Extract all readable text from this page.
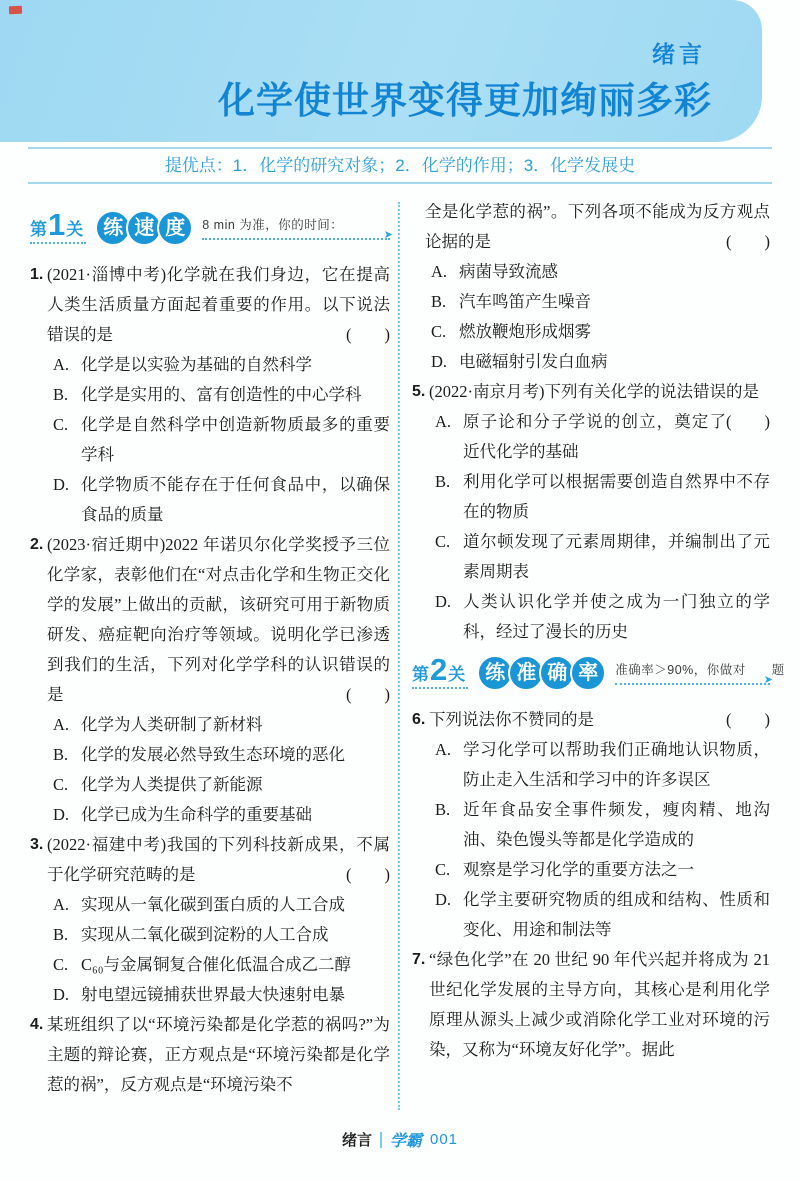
绪言
化学使世界变得更加绚丽多彩
提优点：1．化学的研究对象；2．化学的作用；3．化学发展史
第 1 关	练 速 度	8 min 为准，你的时间：
➤
1. (2021·淄博中考)化学就在我们身边，它在提高人类生活质量方面起着重要的作用。以下说法错误的是	(　　)
A. 化学是以实验为基础的自然科学
B. 化学是实用的、富有创造性的中心学科
C. 化学是自然科学中创造新物质最多的重要学科
D. 化学物质不能存在于任何食品中，以确保食品的质量
2. (2023·宿迁期中)2022 年诺贝尔化学奖授予三位化学家，表彰他们在“对点击化学和生物正交化学的发展”上做出的贡献，该研究可用于新物质研发、癌症靶向治疗等领域。说明化学已渗透到我们的生活，下列对化学学科的认识错误的是	(　　)
A. 化学为人类研制了新材料
B. 化学的发展必然导致生态环境的恶化
C. 化学为人类提供了新能源
D. 化学已成为生命科学的重要基础
3. (2022·福建中考)我国的下列科技新成果，不属于化学研究范畴的是	(　　)
A. 实现从一氧化碳到蛋白质的人工合成
B. 实现从二氧化碳到淀粉的人工合成
C. C₆₀与金属铜复合催化低温合成乙二醇
D. 射电望远镜捕获世界最大快速射电暴
4. 某班组织了以“环境污染都是化学惹的祸吗?”为主题的辩论赛，正方观点是“环境污染都是化学惹的祸”，反方观点是“环境污染不
全是化学惹的祸”。下列各项不能成为反方观点论据的是	(　　)
A. 病菌导致流感
B. 汽车鸣笛产生噪音
C. 燃放鞭炮形成烟雾
D. 电磁辐射引发白血病
5. (2022·南京月考)下列有关化学的说法错误的是
(　　)
A. 原子论和分子学说的创立，奠定了近代化学的基础
B. 利用化学可以根据需要创造自然界中不存在的物质
C. 道尔顿发现了元素周期律，并编制出了元素周期表
D. 人类认识化学并使之成为一门独立的学科，经过了漫长的历史
第 2 关	练 准 确 率	准确率＞90%，你做对　　题
➤
6. 下列说法你不赞同的是	(　　)
A. 学习化学可以帮助我们正确地认识物质，防止走入生活和学习中的许多误区
B. 近年食品安全事件频发，瘦肉精、地沟油、染色馒头等都是化学造成的
C. 观察是学习化学的重要方法之一
D. 化学主要研究物质的组成和结构、性质和变化、用途和制法等
7. “绿色化学”在 20 世纪 90 年代兴起并将成为 21 世纪化学发展的主导方向，其核心是利用化学原理从源头上减少或消除化学工业对环境的污染，又称为“环境友好化学”。据此
绪言 学霸 001
